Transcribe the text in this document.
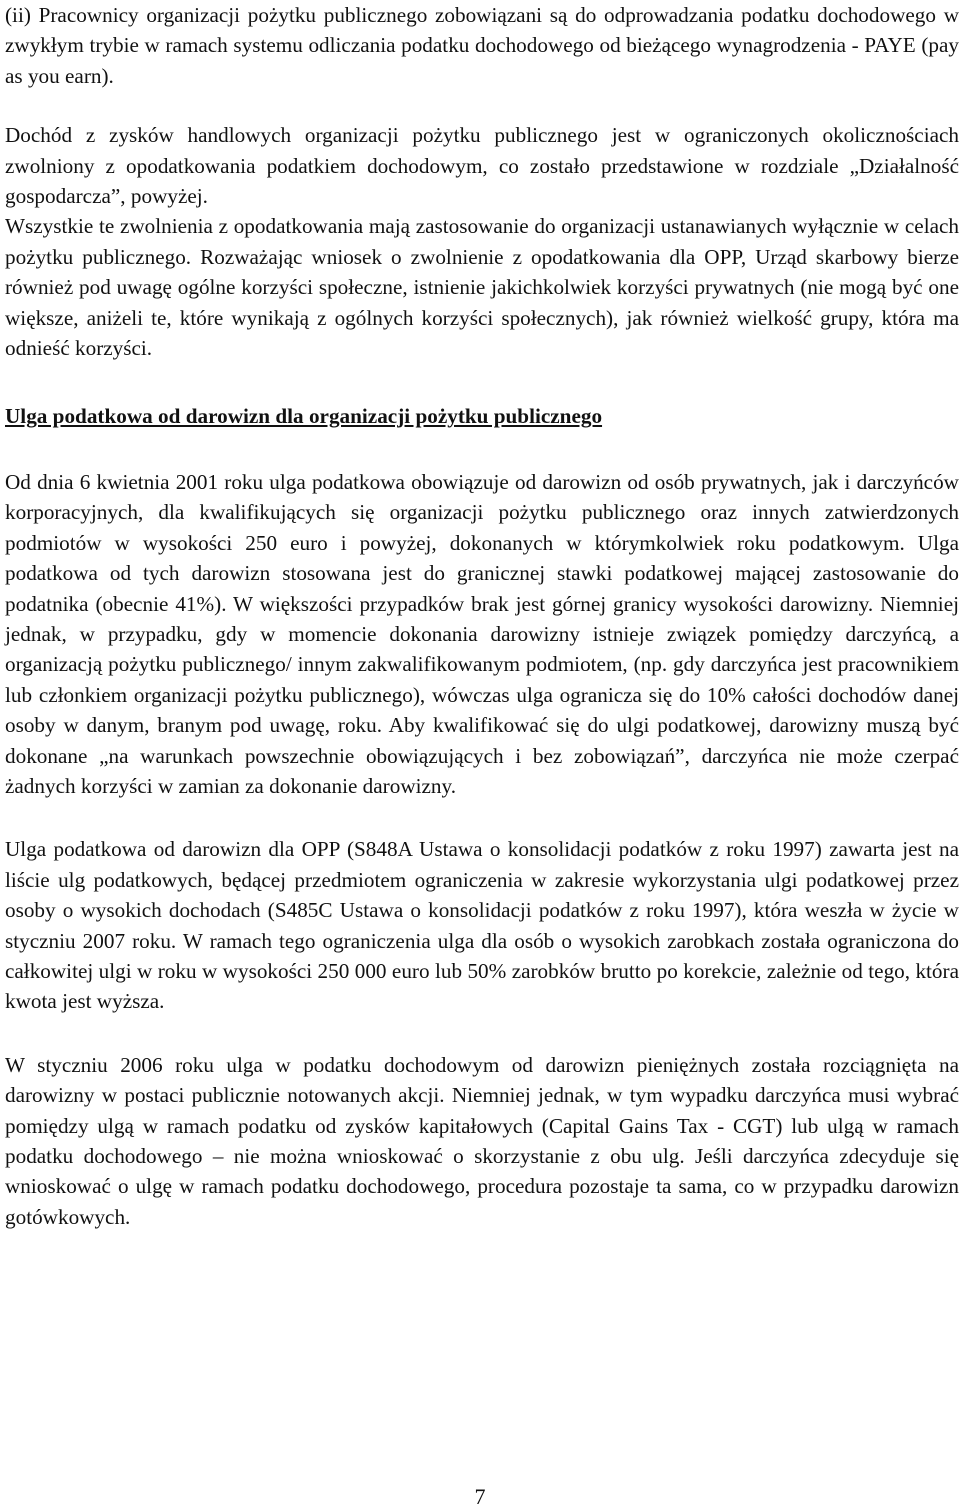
(ii) Pracownicy organizacji pożytku publicznego zobowiązani są do odprowadzania podatku dochodowego w zwykłym trybie w ramach systemu odliczania podatku dochodowego od bieżącego wynagrodzenia - PAYE (pay as you earn).

Dochód z zysków handlowych organizacji pożytku publicznego jest w ograniczonych okolicznościach zwolniony z opodatkowania podatkiem dochodowym, co zostało przedstawione w rozdziale „Działalność gospodarcza”, powyżej.

Wszystkie te zwolnienia z opodatkowania mają zastosowanie do organizacji ustanawianych wyłącznie w celach pożytku publicznego. Rozważając wniosek o zwolnienie z opodatkowania dla OPP, Urząd skarbowy bierze również pod uwagę ogólne korzyści społeczne, istnienie jakichkolwiek korzyści prywatnych (nie mogą być one większe, aniżeli te, które wynikają z ogólnych korzyści społecznych), jak również wielkość grupy, która ma odnieść korzyści.

Ulga podatkowa od darowizn dla organizacji pożytku publicznego

Od dnia 6 kwietnia 2001 roku ulga podatkowa obowiązuje od darowizn od osób prywatnych, jak i darczyńców korporacyjnych, dla kwalifikujących się organizacji pożytku publicznego oraz innych zatwierdzonych podmiotów w wysokości 250 euro i powyżej, dokonanych w którymkolwiek roku podatkowym. Ulga podatkowa od tych darowizn stosowana jest do granicznej stawki podatkowej mającej zastosowanie do podatnika (obecnie 41%). W większości przypadków brak jest górnej granicy wysokości darowizny. Niemniej jednak, w przypadku, gdy w momencie dokonania darowizny istnieje związek pomiędzy darczyńcą, a organizacją pożytku publicznego/ innym zakwalifikowanym podmiotem, (np. gdy darczyńca jest pracownikiem lub członkiem organizacji pożytku publicznego), wówczas ulga ogranicza się do 10% całości dochodów danej osoby w danym, branym pod uwagę, roku. Aby kwalifikować się do ulgi podatkowej, darowizny muszą być dokonane „na warunkach powszechnie obowiązujących i bez zobowiązań”, darczyńca nie może czerpać żadnych korzyści w zamian za dokonanie darowizny.

Ulga podatkowa od darowizn dla OPP (S848A Ustawa o konsolidacji podatków z roku 1997) zawarta jest na liście ulg podatkowych, będącej przedmiotem ograniczenia w zakresie wykorzystania ulgi podatkowej przez osoby o wysokich dochodach (S485C Ustawa o konsolidacji podatków z roku 1997), która weszła w życie w styczniu 2007 roku. W ramach tego ograniczenia ulga dla osób o wysokich zarobkach została ograniczona do całkowitej ulgi w roku w wysokości 250 000 euro lub 50% zarobków brutto po korekcie, zależnie od tego, która kwota jest wyższa.

W styczniu 2006 roku ulga w podatku dochodowym od darowizn pieniężnych została rozciągnięta na darowizny w postaci publicznie notowanych akcji. Niemniej jednak, w tym wypadku darczyńca musi wybrać pomiędzy ulgą w ramach podatku od zysków kapitałowych (Capital Gains Tax - CGT) lub ulgą w ramach podatku dochodowego – nie można wnioskować o skorzystanie z obu ulg. Jeśli darczyńca zdecyduje się wnioskować o ulgę w ramach podatku dochodowego, procedura pozostaje ta sama, co w przypadku darowizn gotówkowych.

7
